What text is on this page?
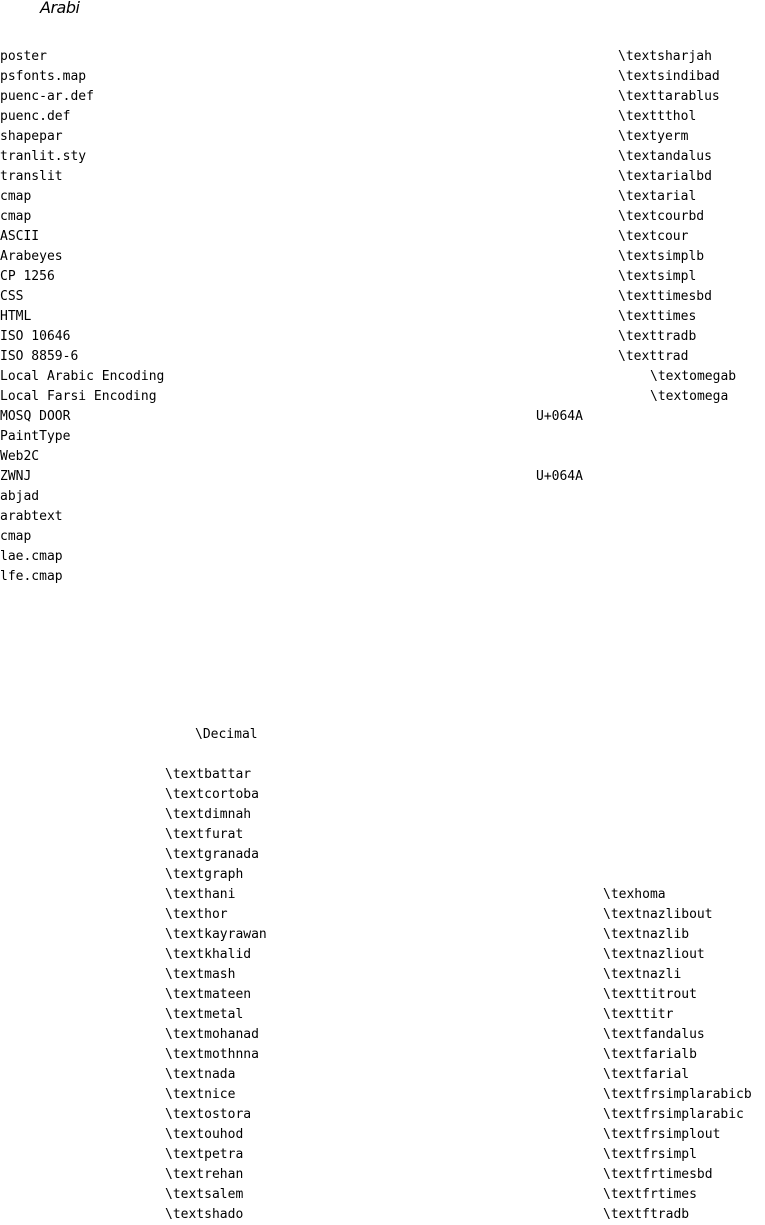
Arabi
poster
psfonts.map
puenc-ar.def
puenc.def
shapepar
tranlit.sty
translit
cmap
cmap
ASCII
Arabeyes
CP 1256
CSS
HTML
ISO 10646
ISO 8859-6
Local Arabic Encoding
Local Farsi Encoding
MOSQ DOOR
PaintType
Web2C
ZWNJ
abjad
arabtext
cmap
lae.cmap
lfe.cmap
\textsharjah
\textsindibad
\texttarablus
\texttthol
\textyerm
\textandalus
\textarialbd
\textarial
\textcourbd
\textcour
\textsimplb
\textsimpl
\texttimesbd
\texttimes
\texttradb
\texttrad
\textomegab
\textomega
U+064A
U+064A
\Decimal
\textbattar
\textcortoba
\textdimnah
\textfurat
\textgranada
\textgraph
\texthani
\texthor
\textkayrawan
\textkhalid
\textmash
\textmateen
\textmetal
\textmohanad
\textmothnna
\textnada
\textnice
\textostora
\textouhod
\textpetra
\textrehan
\textsalem
\textshado
\texhoma
\textnazlibout
\textnazlib
\textnazliout
\textnazli
\texttitrout
\texttitr
\textfandalus
\textfarialb
\textfarial
\textfrsimplarabicb
\textfrsimplarabic
\textfrsimplout
\textfrsimpl
\textfrtimesbd
\textfrtimes
\textftradb
